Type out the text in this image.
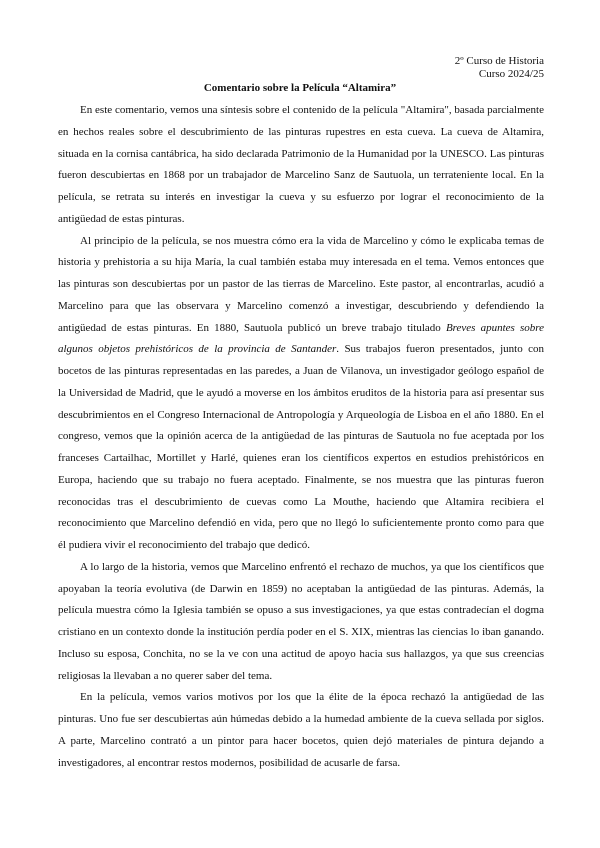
2º Curso de Historia
Curso 2024/25
Comentario sobre la Película “Altamira”

En este comentario, vemos una síntesis sobre el contenido de la película "Altamira", basada parcialmente en hechos reales sobre el descubrimiento de las pinturas rupestres en esta cueva. La cueva de Altamira, situada en la cornisa cantábrica, ha sido declarada Patrimonio de la Humanidad por la UNESCO. Las pinturas fueron descubiertas en 1868 por un trabajador de Marcelino Sanz de Sautuola, un terrateniente local. En la película, se retrata su interés en investigar la cueva y su esfuerzo por lograr el reconocimiento de la antigüedad de estas pinturas.

Al principio de la película, se nos muestra cómo era la vida de Marcelino y cómo le explicaba temas de historia y prehistoria a su hija María, la cual también estaba muy interesada en el tema. Vemos entonces que las pinturas son descubiertas por un pastor de las tierras de Marcelino. Este pastor, al encontrarlas, acudió a Marcelino para que las observara y Marcelino comenzó a investigar, descubriendo y defendiendo la antigüedad de estas pinturas. En 1880, Sautuola publicó un breve trabajo titulado Breves apuntes sobre algunos objetos prehistóricos de la provincia de Santander. Sus trabajos fueron presentados, junto con bocetos de las pinturas representadas en las paredes, a Juan de Vilanova, un investigador geólogo español de la Universidad de Madrid, que le ayudó a moverse en los ámbitos eruditos de la historia para así presentar sus descubrimientos en el Congreso Internacional de Antropología y Arqueología de Lisboa en el año 1880. En el congreso, vemos que la opinión acerca de la antigüedad de las pinturas de Sautuola no fue aceptada por los franceses Cartailhac, Mortillet y Harlé, quienes eran los científicos expertos en estudios prehistóricos en Europa, haciendo que su trabajo no fuera aceptado. Finalmente, se nos muestra que las pinturas fueron reconocidas tras el descubrimiento de cuevas como La Mouthe, haciendo que Altamira recibiera el reconocimiento que Marcelino defendió en vida, pero que no llegó lo suficientemente pronto como para que él pudiera vivir el reconocimiento del trabajo que dedicó.

A lo largo de la historia, vemos que Marcelino enfrentó el rechazo de muchos, ya que los científicos que apoyaban la teoría evolutiva (de Darwin en 1859) no aceptaban la antigüedad de las pinturas. Además, la película muestra cómo la Iglesia también se opuso a sus investigaciones, ya que estas contradecían el dogma cristiano en un contexto donde la institución perdía poder en el S. XIX, mientras las ciencias lo iban ganando. Incluso su esposa, Conchita, no se la ve con una actitud de apoyo hacia sus hallazgos, ya que sus creencias religiosas la llevaban a no querer saber del tema.

En la película, vemos varios motivos por los que la élite de la época rechazó la antigüedad de las pinturas. Uno fue ser descubiertas aún húmedas debido a la humedad ambiente de la cueva sellada por siglos. A parte, Marcelino contrató a un pintor para hacer bocetos, quien dejó materiales de pintura dejando a investigadores, al encontrar restos modernos, posibilidad de acusarle de farsa.
